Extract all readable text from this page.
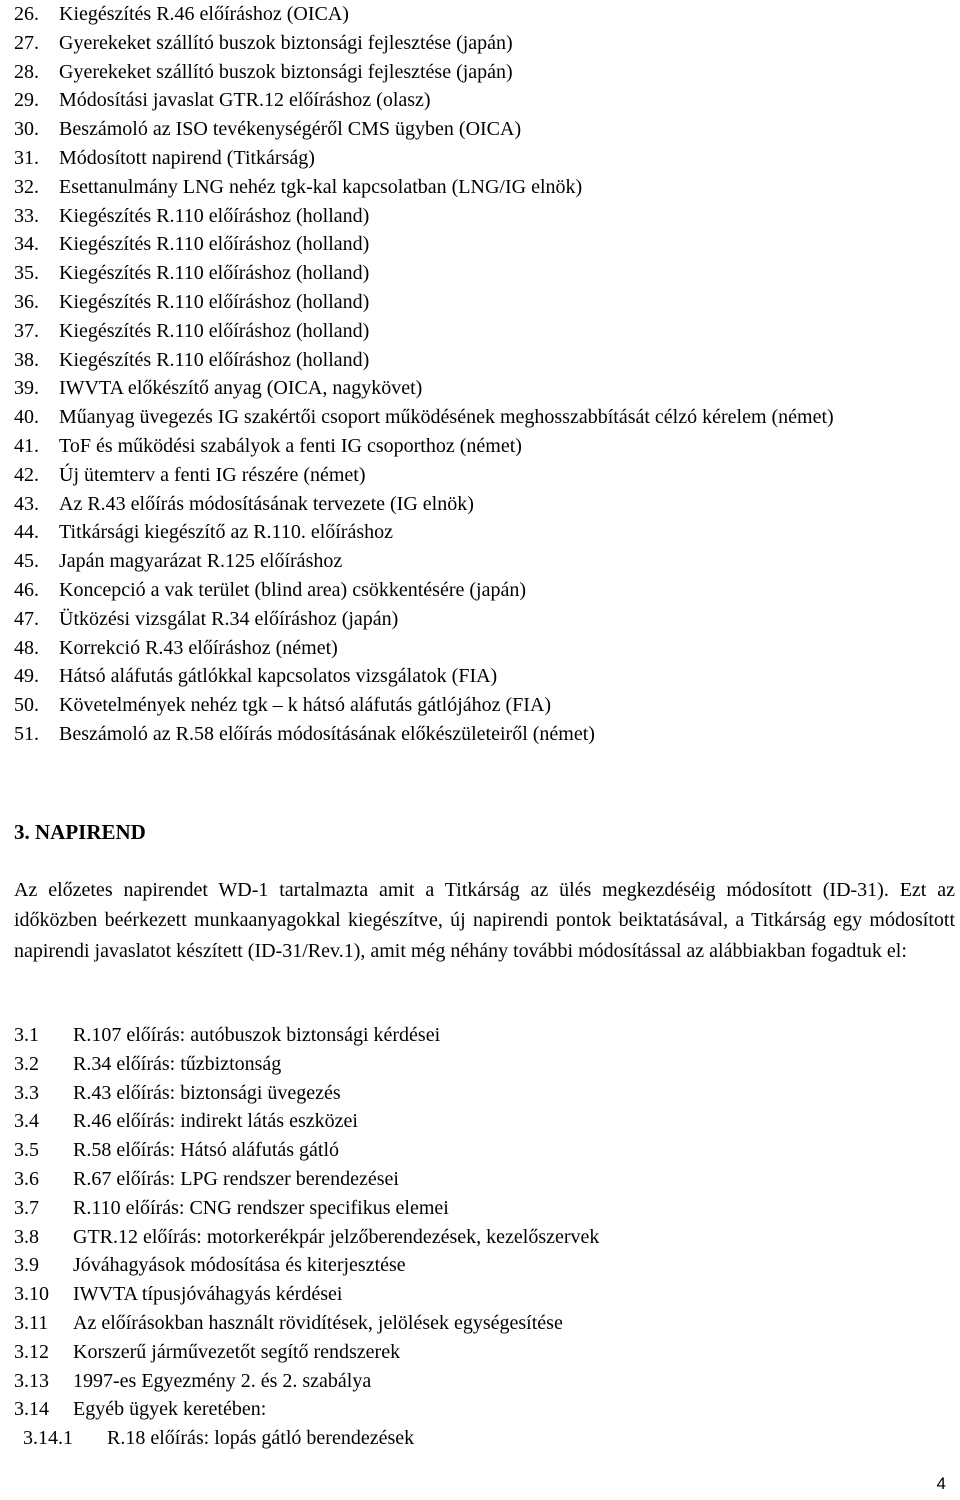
26.	Kiegészítés R.46 előíráshoz (OICA)
27.	Gyerekeket szállító buszok biztonsági fejlesztése (japán)
28.	Gyerekeket szállító buszok biztonsági fejlesztése (japán)
29.	Módosítási javaslat GTR.12 előíráshoz (olasz)
30.	Beszámoló az ISO tevékenységéről CMS ügyben (OICA)
31.	Módosított napirend (Titkárság)
32.	Esettanulmány LNG nehéz tgk-kal kapcsolatban (LNG/IG elnök)
33.	Kiegészítés R.110 előíráshoz (holland)
34.	Kiegészítés R.110 előíráshoz (holland)
35.	Kiegészítés R.110 előíráshoz (holland)
36.	Kiegészítés R.110 előíráshoz (holland)
37.	Kiegészítés R.110 előíráshoz (holland)
38.	Kiegészítés R.110 előíráshoz (holland)
39.	IWVTA előkészítő anyag (OICA, nagykövet)
40.	Műanyag üvegezés IG szakértői csoport működésének meghosszabbítását célzó kérelem (német)
41.	ToF és működési szabályok a fenti IG csoporthoz (német)
42.	Új ütemterv a fenti IG részére (német)
43.	Az R.43 előírás módosításának tervezete (IG elnök)
44.	Titkársági kiegészítő az R.110. előíráshoz
45.	Japán magyarázat R.125 előíráshoz
46.	Koncepció a vak terület (blind area) csökkentésére (japán)
47.	Ütközési vizsgálat R.34 előíráshoz (japán)
48.	Korrekció R.43 előíráshoz (német)
49.	Hátsó aláfutás gátlókkal kapcsolatos vizsgálatok (FIA)
50.	Követelmények nehéz tgk – k hátsó aláfutás gátlójához (FIA)
51.	Beszámoló az R.58 előírás módosításának előkészületeiről (német)
3. NAPIREND
Az előzetes napirendet WD-1 tartalmazta amit a Titkárság az ülés megkezdéséig módosított (ID-31). Ezt az időközben beérkezett munkaanyagokkal kiegészítve, új napirendi pontok beiktatásával, a Titkárság egy módosított napirendi javaslatot készített (ID-31/Rev.1), amit még néhány további módosítással az alábbiakban fogadtuk el:
3.1	R.107 előírás: autóbuszok biztonsági kérdései
3.2	R.34 előírás: tűzbiztonság
3.3	R.43 előírás: biztonsági üvegezés
3.4	R.46 előírás: indirekt látás eszközei
3.5	R.58 előírás: Hátsó aláfutás gátló
3.6	R.67 előírás: LPG rendszer berendezései
3.7	R.110 előírás: CNG rendszer specifikus elemei
3.8	GTR.12 előírás: motorkerékpár jelzőberendezések, kezelőszervek
3.9	Jóváhagyások módosítása és kiterjesztése
3.10	IWVTA típusjóváhagyás kérdései
3.11	Az előírásokban használt rövidítések, jelölések egységesítése
3.12	Korszerű járművezetőt segítő rendszerek
3.13	1997-es Egyezmény 2. és 2. szabálya
3.14	Egyéb ügyek keretében:
3.14.1	R.18 előírás: lopás gátló berendezések
4
